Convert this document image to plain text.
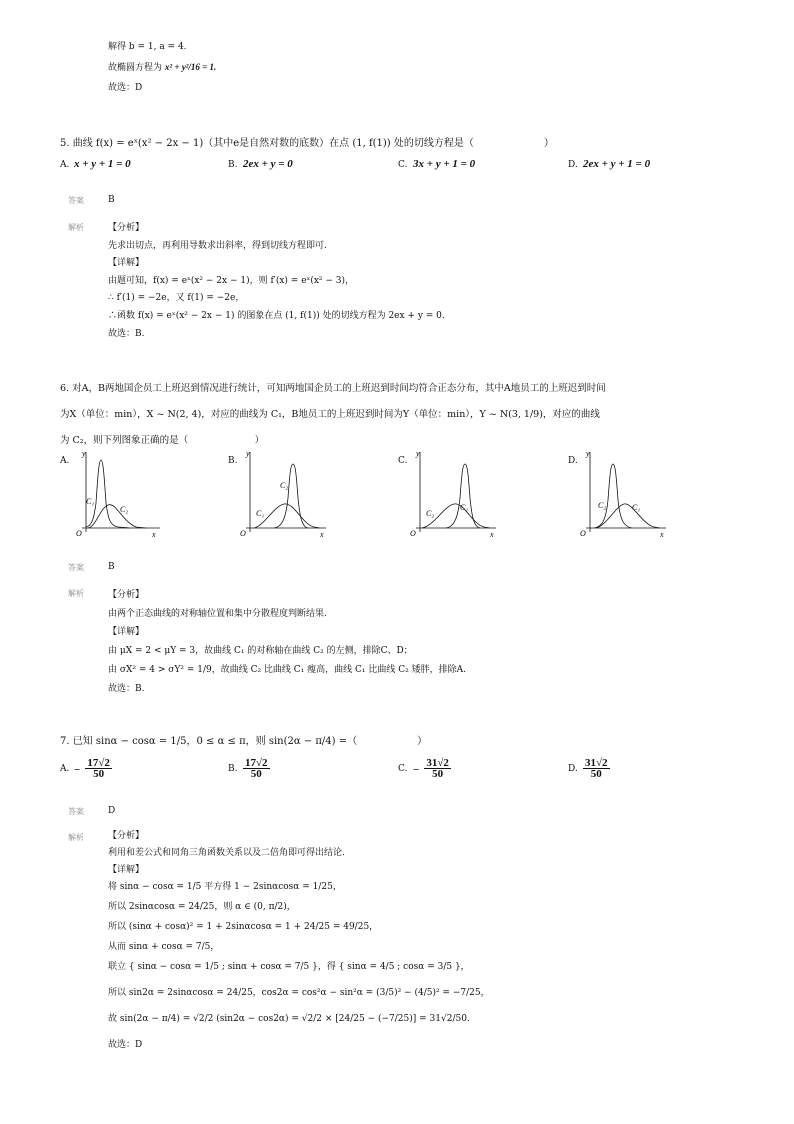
解得 b = 1, a = 4.
故椭圆方程为 x² + y²/16 = 1.
故选：D
5. 曲线 f(x) = eˣ(x² − 2x − 1)（其中e是自然对数的底数）在点 (1, f(1)) 处的切线方程是（　　　　　　　）
A. x + y + 1 = 0	B. 2ex + y = 0	C. 3x + y + 1 = 0	D. 2ex + y + 1 = 0
答案	B
解析	【分析】
先求出切点，再利用导数求出斜率，得到切线方程即可.
【详解】
由题可知，f(x) = eˣ(x² − 2x − 1)，则 f′(x) = eˣ(x² − 3)，
∴ f′(1) = −2e，又 f(1) = −2e，
∴函数 f(x) = eˣ(x² − 2x − 1) 的图象在点 (1, f(1)) 处的切线方程为 2ex + y = 0.
故选：B.
6. 对A，B两地国企员工上班迟到情况进行统计，可知两地国企员工的上班迟到时间均符合正态分布，其中A地员工的上班迟到时间
为X（单位：min），X ~ N(2, 4)，对应的曲线为 C₁，B地员工的上班迟到时间为Y（单位：min），Y ~ N(3, 1/9)，对应的曲线
为 C₂，则下列图象正确的是（　　　　　　　）
A.	B.	C.	D.
y
x
O
C₁
C₂
y
x
O
C₁
C₂
y
x
O
C₂
C₁
y
x
O
C₂	C₁
答案	B
解析	【分析】
由两个正态曲线的对称轴位置和集中分散程度判断结果.
【详解】
由 μX = 2 < μY = 3，故曲线 C₁ 的对称轴在曲线 C₂ 的左侧，排除C、D；
由 σX² = 4 > σY² = 1/9，故曲线 C₂ 比曲线 C₁ 瘦高，曲线 C₁ 比曲线 C₂ 矮胖，排除A.
故选：B.
7. 已知 sinα − cosα = 1/5，0 ≤ α ≤ π，则 sin(2α − π/4) =（　　　　　　）
A. − $\frac{17√2}{50}$	B. $\frac{17√2}{50}$	C. − $\frac{31√2}{50}$	D. $\frac{31√2}{50}$
答案	D
解析	【分析】
利用和差公式和同角三角函数关系以及二倍角即可得出结论.
【详解】
将 sinα − cosα = 1/5 平方得 1 − 2sinαcosα = 1/25，
所以 2sinαcosα = 24/25，则 α ∈ (0, π/2)，
所以 (sinα + cosα)² = 1 + 2sinαcosα = 1 + 24/25 = 49/25，
从而 sinα + cosα = 7/5，
联立 { sinα − cosα = 1/5 ; sinα + cosα = 7/5 }，得 { sinα = 4/5 ; cosα = 3/5 }，
所以 sin2α = 2sinαcosα = 24/25，cos2α = cos²α − sin²α = (3/5)² − (4/5)² = −7/25，
故 sin(2α − π/4) = √2/2 (sin2α − cos2α) = √2/2 × [24/25 − (−7/25)] = 31√2/50.
故选：D
